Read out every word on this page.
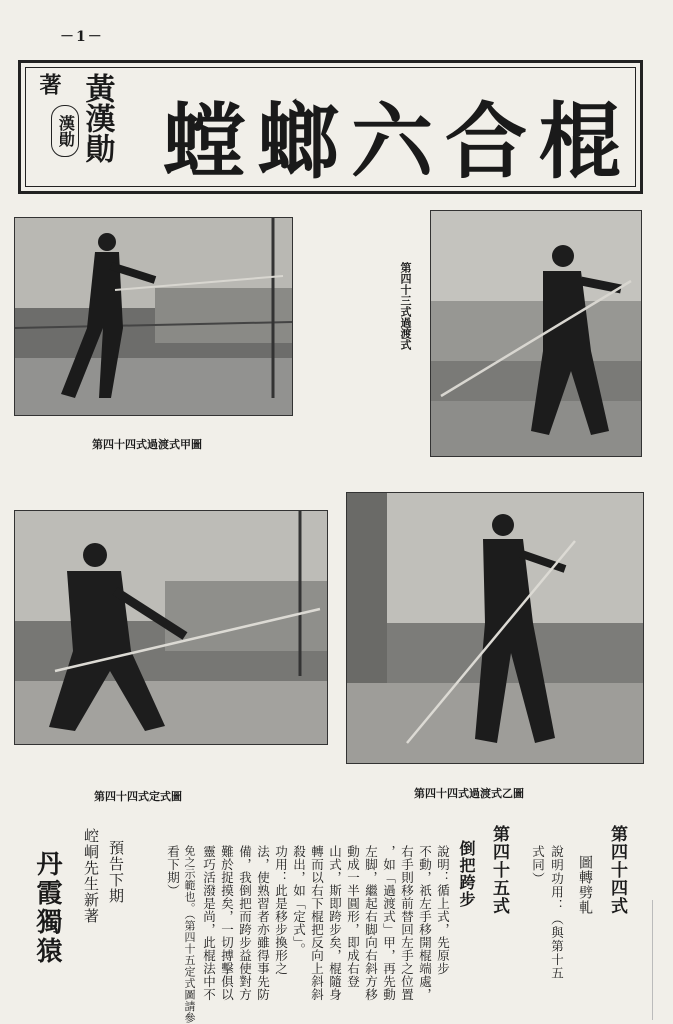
－1－
著
漢勛 黃漢勛 螳螂六合棍
第四十四式過渡式甲圖
第四十三式過渡式
第四十四式定式圖	第四十四式過渡式乙圖
第四十四式
圖轉劈軋
說明功用：（與第十五
式同）
第四十五式
倒把跨步
說明：循上式，先原步
不動，祇左手移開棍端處，
右手則移前替回左手之位置
，如「過渡式」甲，再先動
左脚，繼起右脚向右斜方移
動成一半圓形，即成右登
山式，斯即跨步矣，棍隨身
轉而以右下棍把反向上斜斜
殺出，如「定式」。
功用：此是移步換形之
法，使熟習者亦雖得事先防
備，我倒把而跨步益使對方
難於捉摸矣，一切搏擊俱以
靈巧活潑是尚，此棍法中不
免之示範也。（第四十五定式圖請參
看下期）
預告下期
崆峒先生新著
丹霞獨猿
